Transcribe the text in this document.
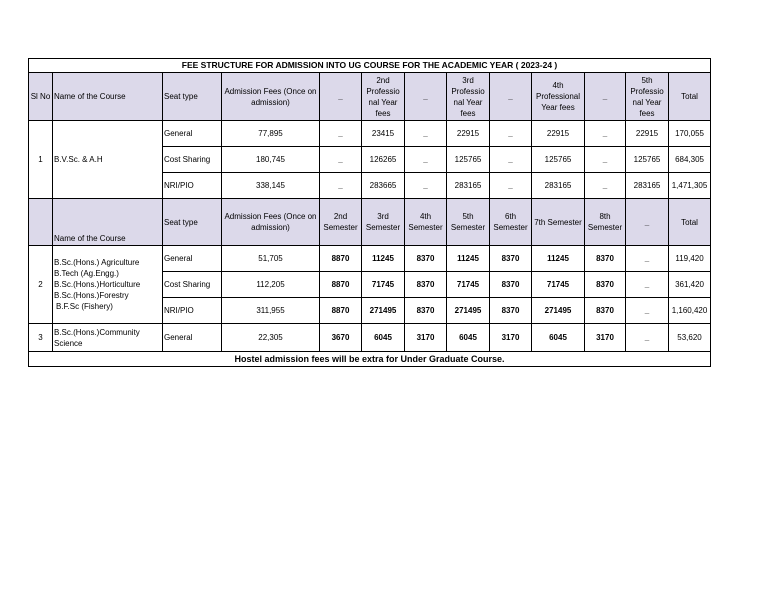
FEE STRUCTURE FOR ADMISSION INTO UG COURSE FOR THE ACADEMIC YEAR ( 2023-24 )												
Sl No	Name of the Course	Seat type	Admission Fees (Once on admission)	_	2nd Professio nal Year fees	_	3rd Professio nal Year fees	_	4th Professional Year fees	_	5th Professio nal Year fees	Total
1	B.V.Sc. & A.H	General	77,895	_	23415	_	22915	_	22915	_	22915	170,055
		Cost Sharing	180,745	_	126265	_	125765	_	125765	_	125765	684,305
		NRI/PIO	338,145	_	283665	_	283165	_	283165	_	283165	1,471,305
	Name of the Course	Seat type	Admission Fees (Once on admission)	2nd Semester	3rd Semester	4th Semester	5th Semester	6th Semester	7th Semester	8th Semester	_	Total
2	B.Sc.(Hons.) Agriculture
B.Tech (Ag.Engg.)
B.Sc.(Hons.)Horticulture
B.Sc.(Hons.)Forestry
B.F.Sc (Fishery)	General	51,705	8870	11245	8370	11245	8370	11245	8370	_	119,420
		Cost Sharing	112,205	8870	71745	8370	71745	8370	71745	8370	_	361,420
		NRI/PIO	311,955	8870	271495	8370	271495	8370	271495	8370	_	1,160,420
3	B.Sc.(Hons.)Community Science	General	22,305	3670	6045	3170	6045	3170	6045	3170	_	53,620
Hostel admission fees will be extra for Under Graduate Course.												
